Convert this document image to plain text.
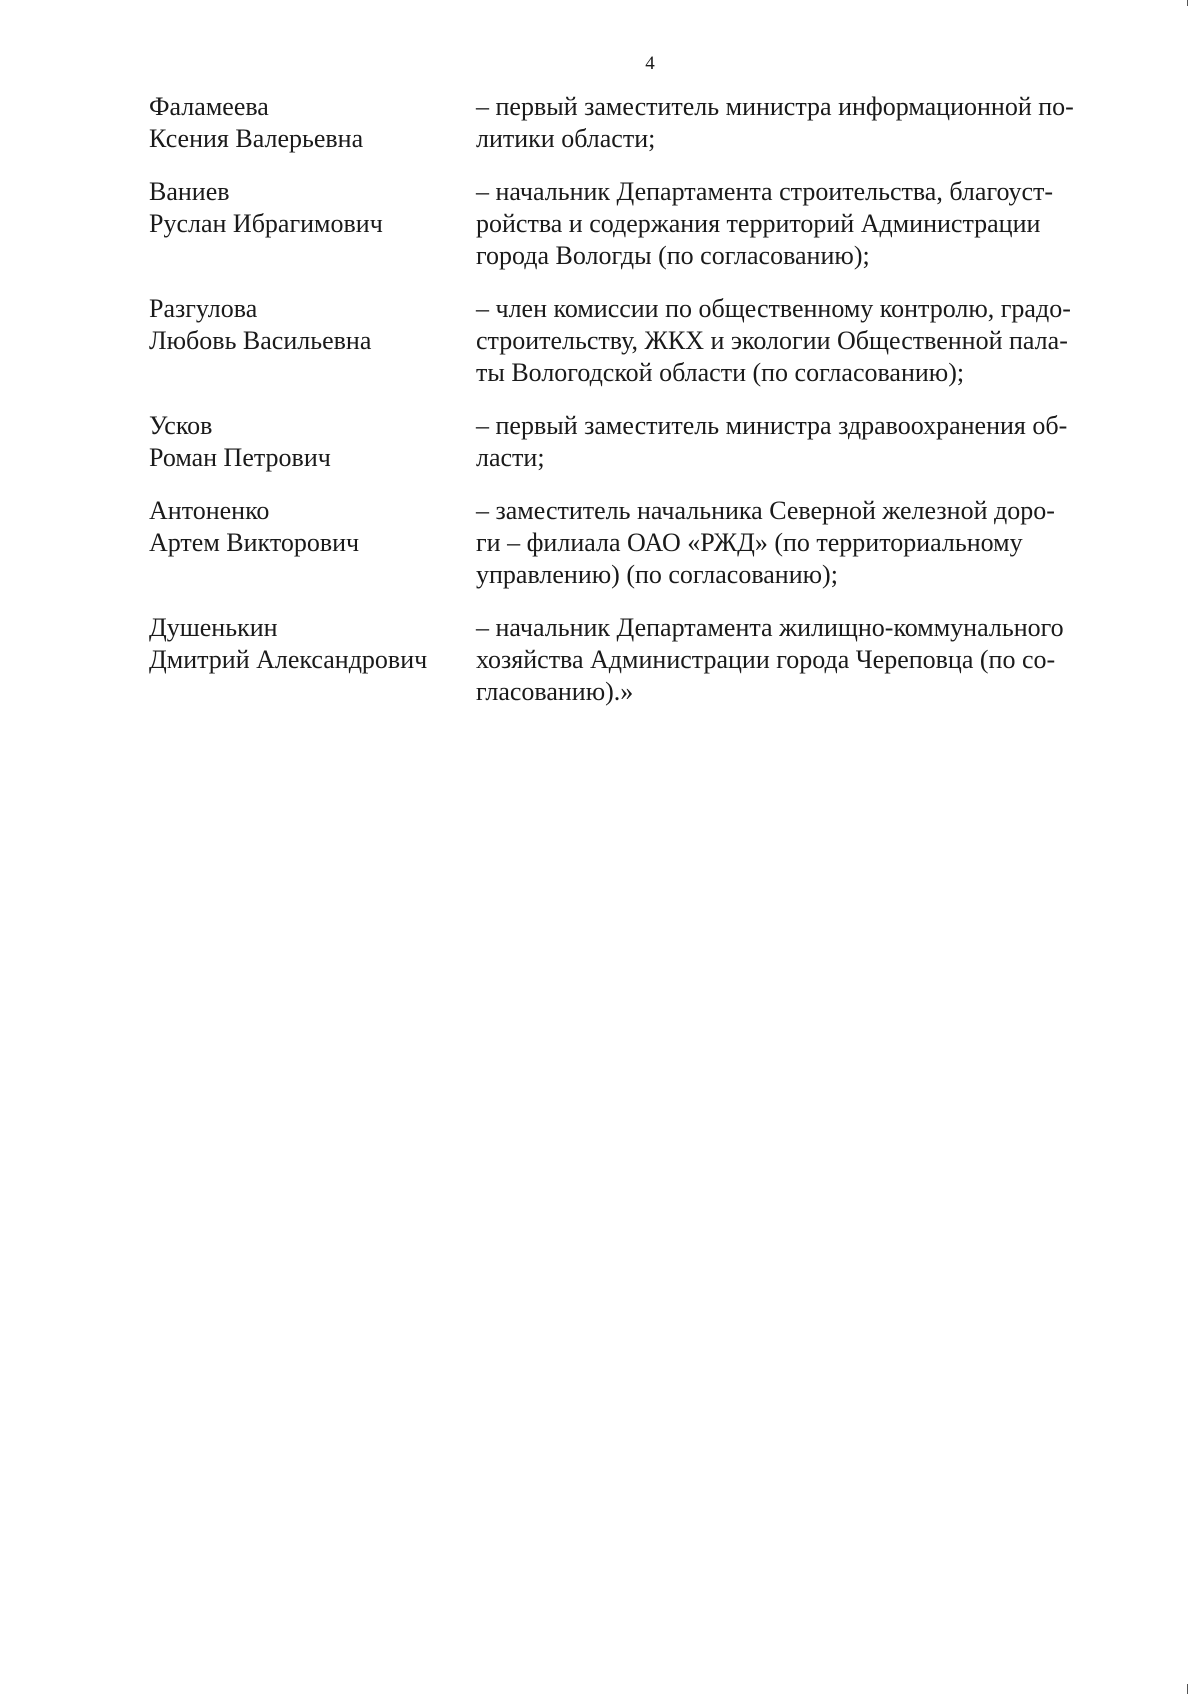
4
Фаламеева
Ксения Валерьевна
– первый заместитель министра информационной по-
литики области;
Ваниев
Руслан Ибрагимович
– начальник Департамента строительства, благоуст-
ройства и содержания территорий Администрации
города Вологды (по согласованию);
Разгулова
Любовь Васильевна
– член комиссии по общественному контролю, градо-
строительству, ЖКХ и экологии Общественной пала-
ты Вологодской области (по согласованию);
Усков
Роман Петрович
– первый заместитель министра здравоохранения об-
ласти;
Антоненко
Артем Викторович
– заместитель начальника Северной железной доро-
ги – филиала ОАО «РЖД» (по территориальному
управлению) (по согласованию);
Душенькин
Дмитрий Александрович
– начальник Департамента жилищно-коммунального
хозяйства Администрации города Череповца (по со-
гласованию).»
